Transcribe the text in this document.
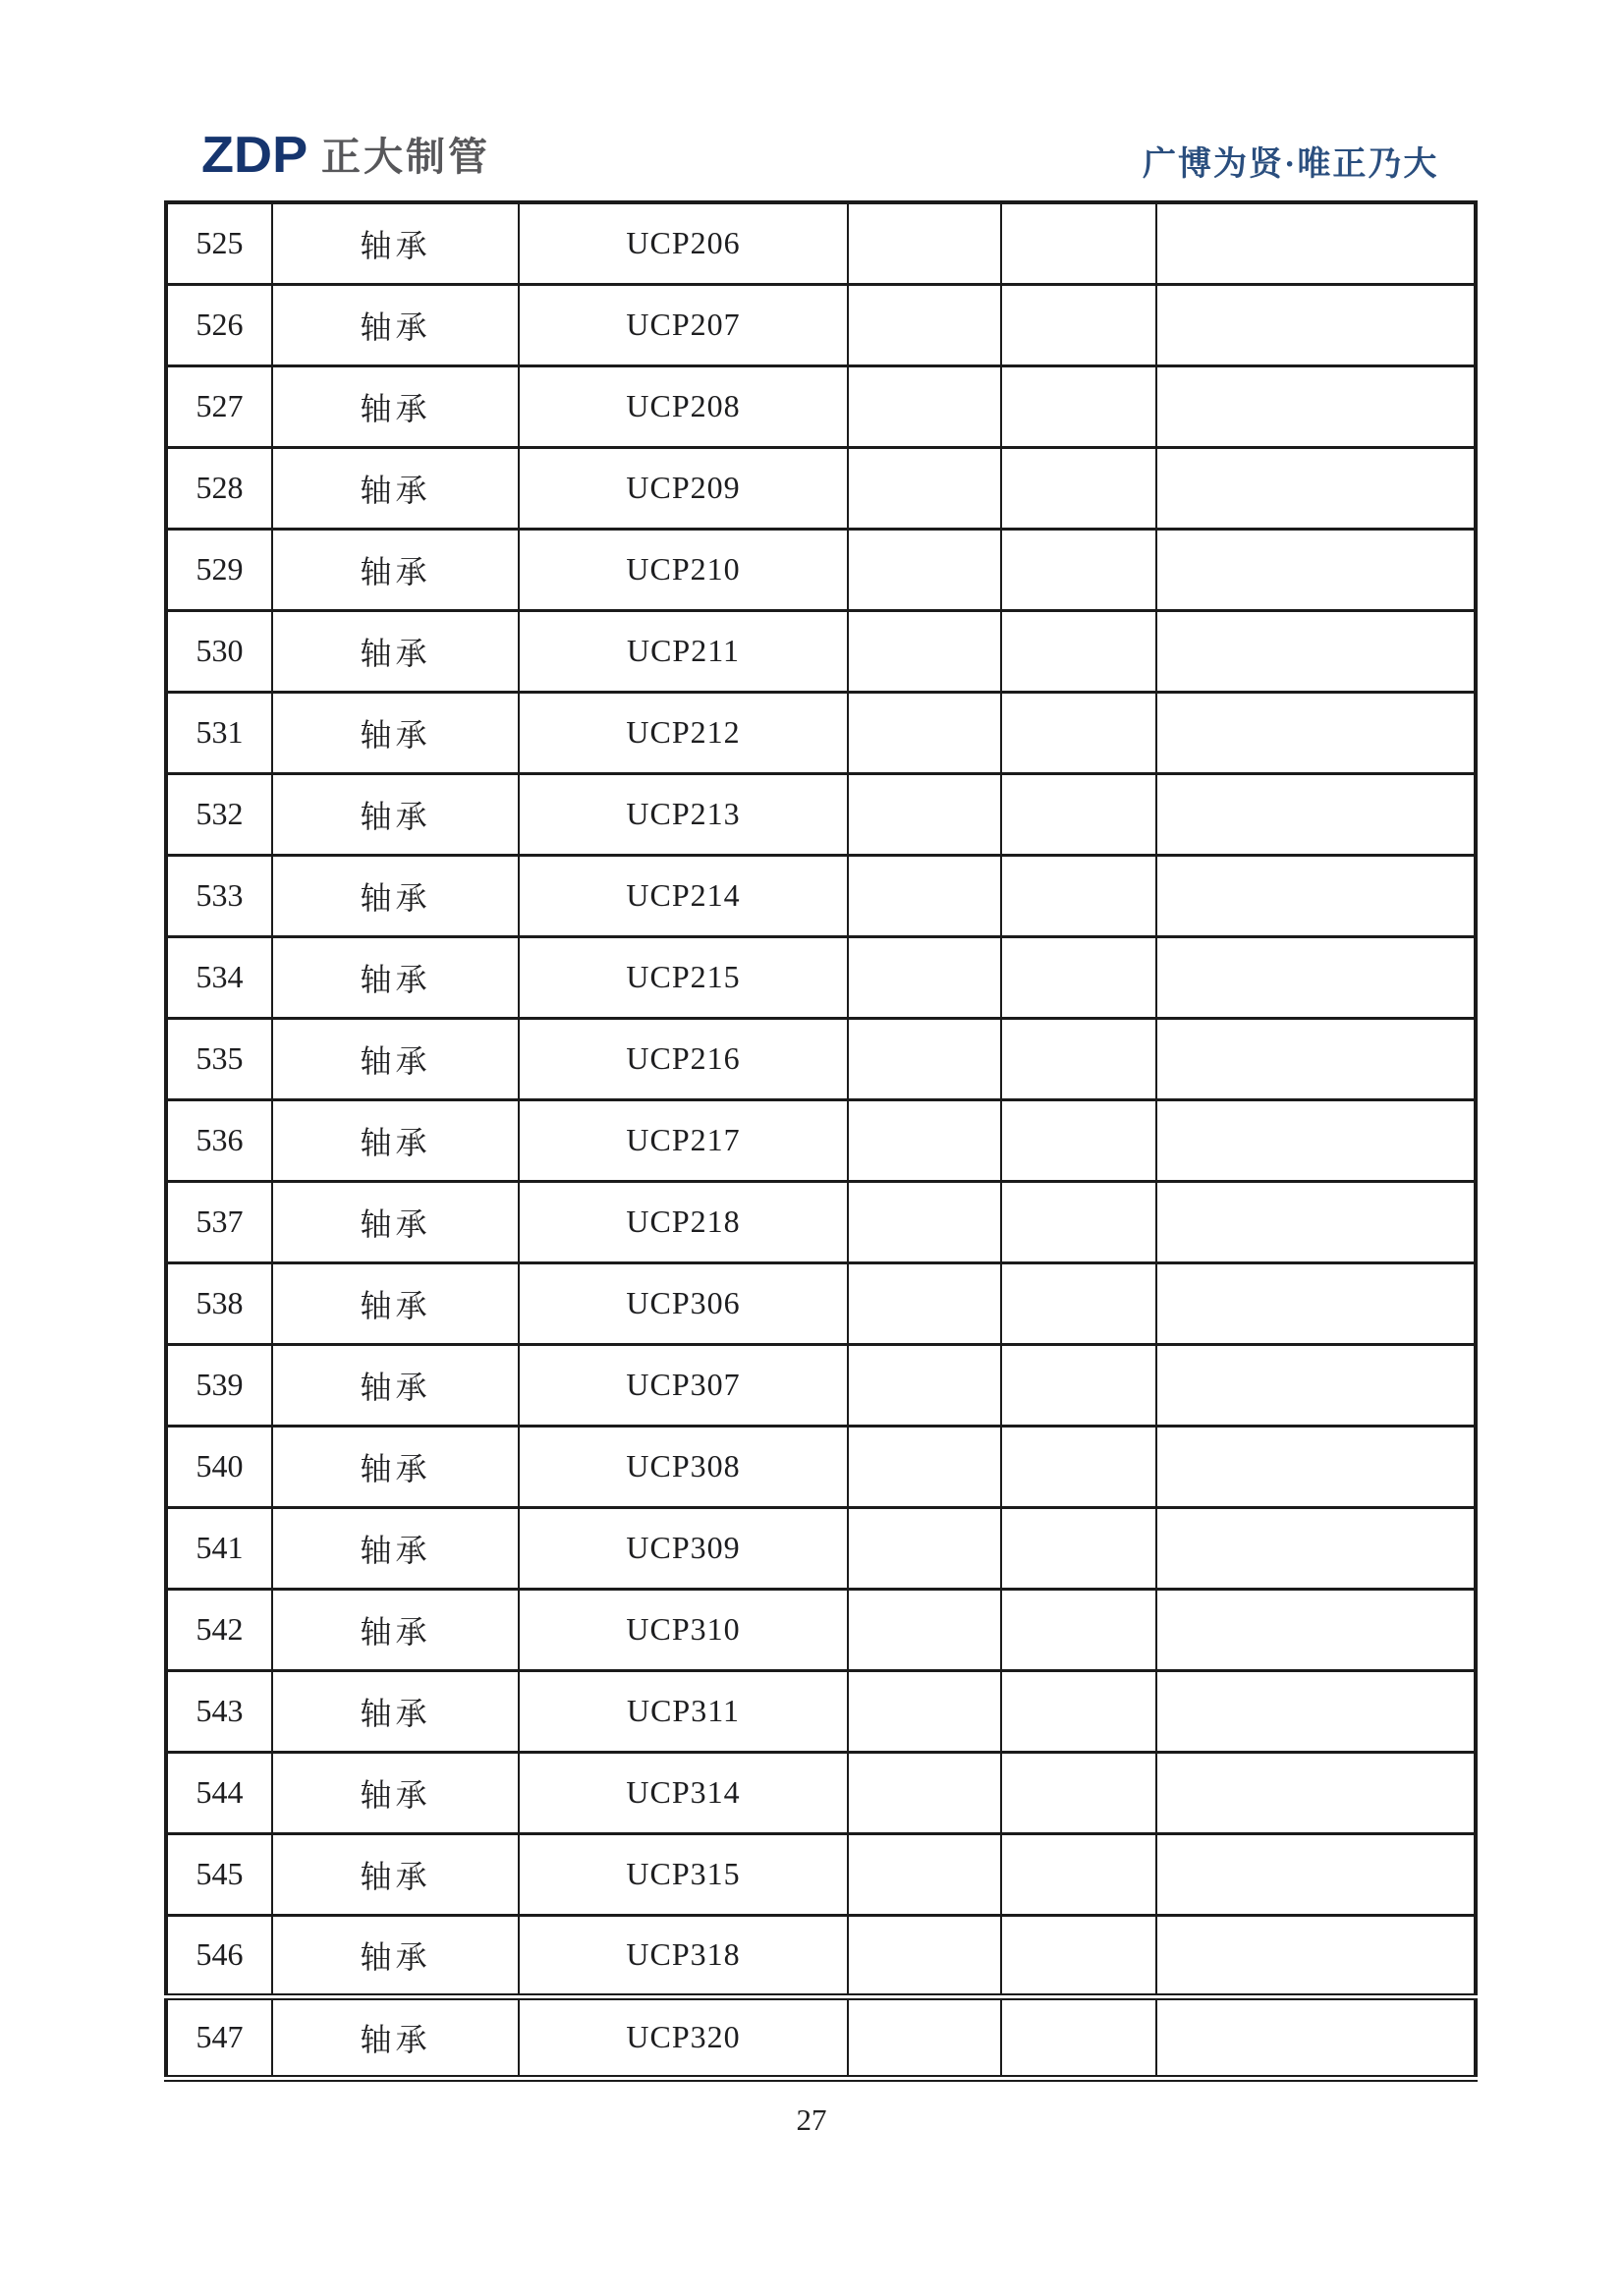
ZDP 正大制管	广博为贤·唯正乃大
525	轴承	UCP206			
526	轴承	UCP207			
527	轴承	UCP208			
528	轴承	UCP209			
529	轴承	UCP210			
530	轴承	UCP211			
531	轴承	UCP212			
532	轴承	UCP213			
533	轴承	UCP214			
534	轴承	UCP215			
535	轴承	UCP216			
536	轴承	UCP217			
537	轴承	UCP218			
538	轴承	UCP306			
539	轴承	UCP307			
540	轴承	UCP308			
541	轴承	UCP309			
542	轴承	UCP310			
543	轴承	UCP311			
544	轴承	UCP314			
545	轴承	UCP315			
546	轴承	UCP318			
547	轴承	UCP320			
27
